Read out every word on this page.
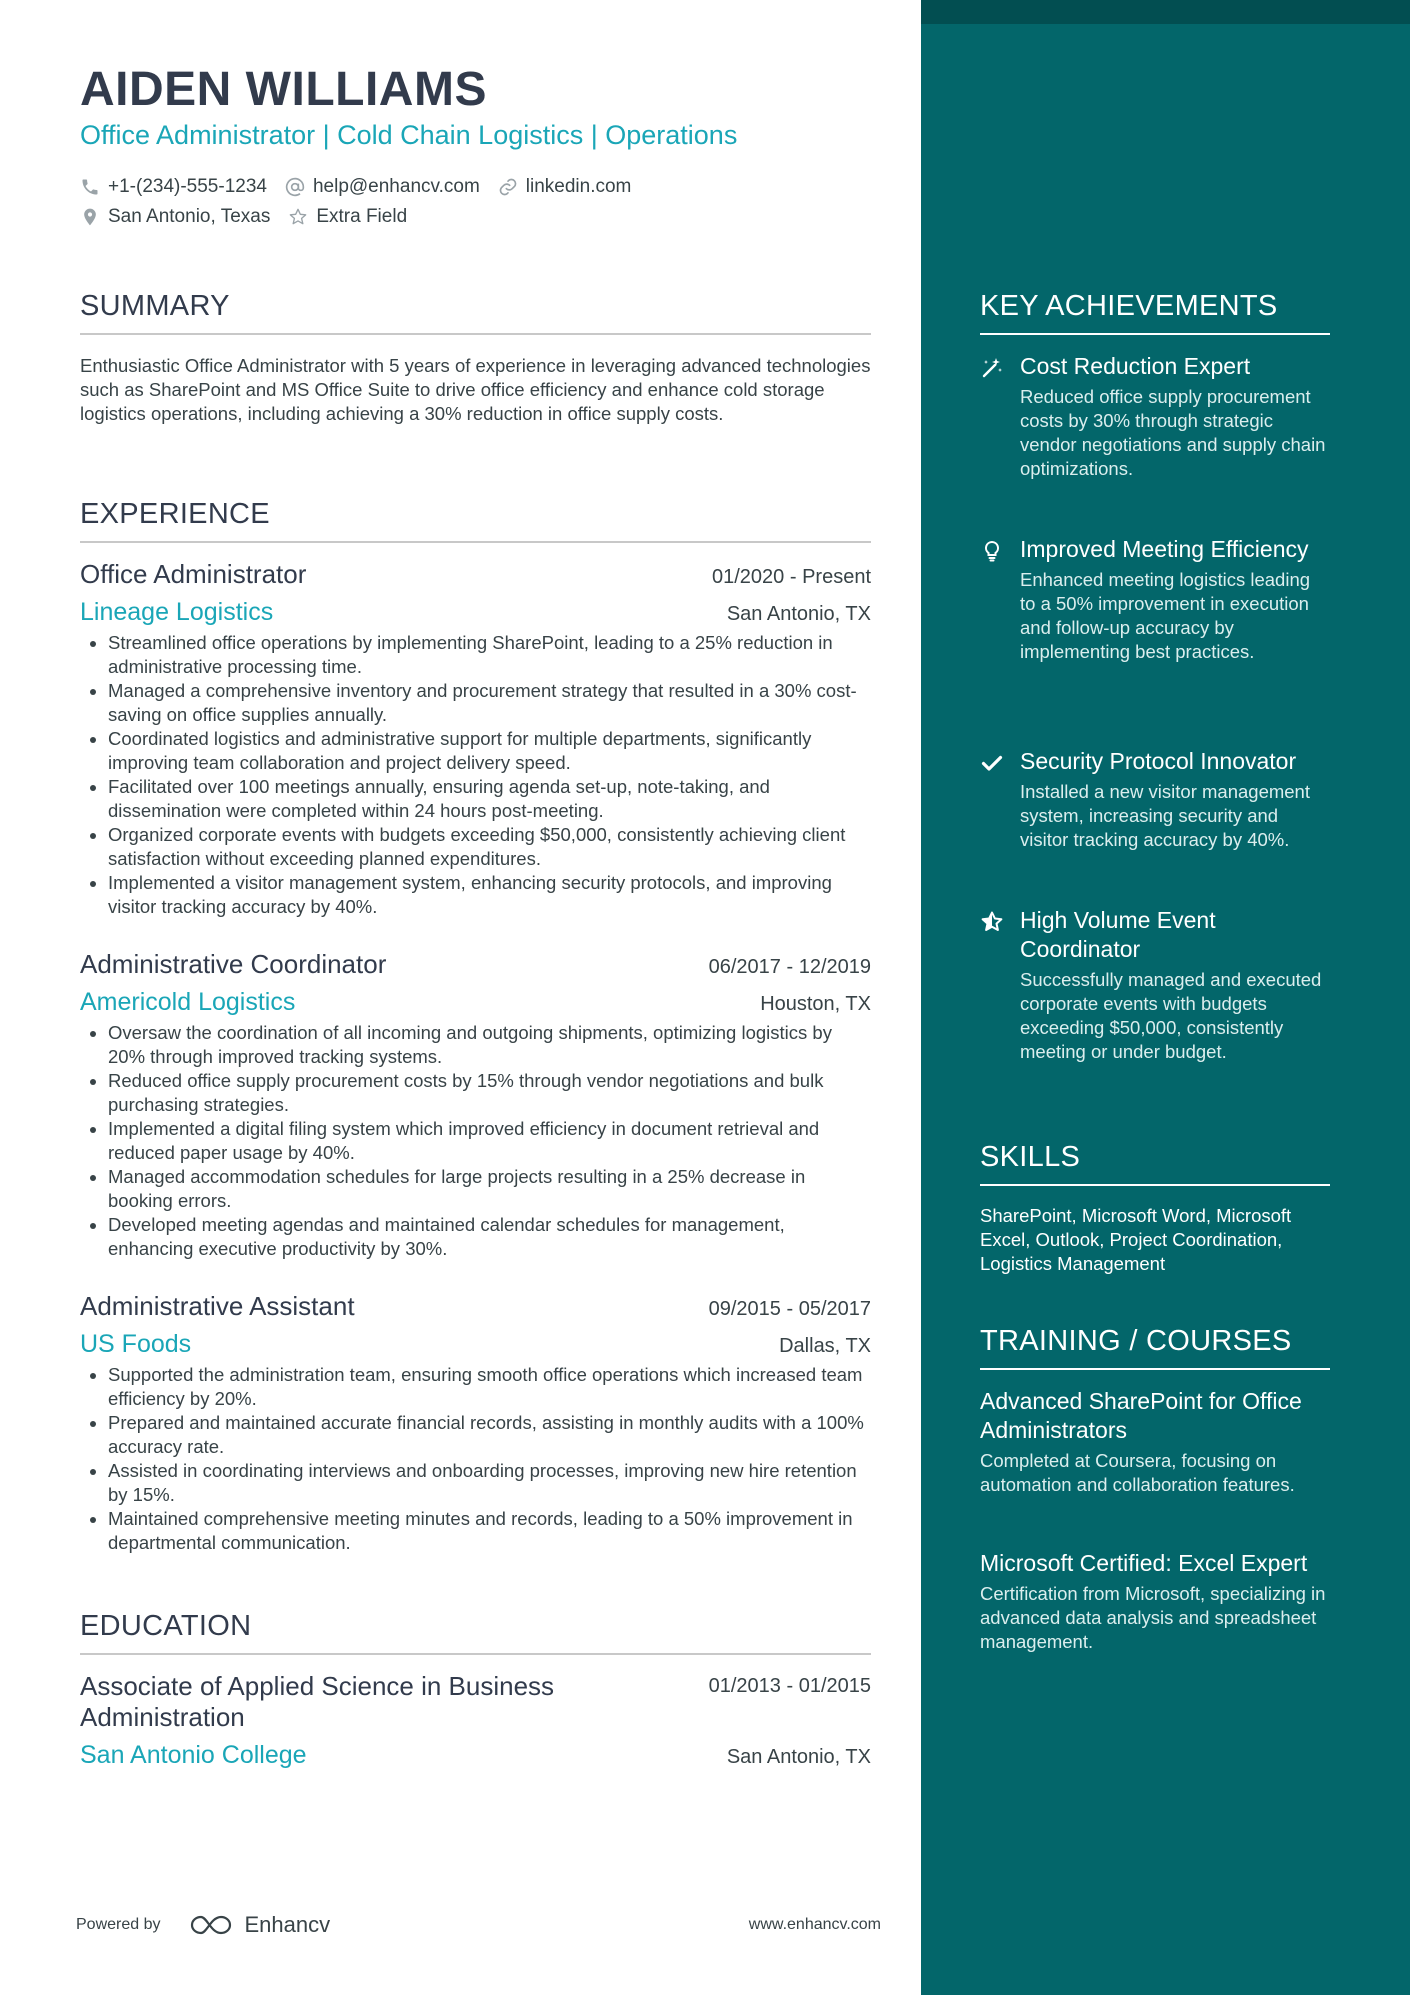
AIDEN WILLIAMS
Office Administrator | Cold Chain Logistics | Operations
+1-(234)-555-1234 help@enhancv.com linkedin.com
San Antonio, Texas Extra Field
SUMMARY
Enthusiastic Office Administrator with 5 years of experience in leveraging advanced technologies such as SharePoint and MS Office Suite to drive office efficiency and enhance cold storage logistics operations, including achieving a 30% reduction in office supply costs.
EXPERIENCE
Office Administrator	01/2020 - Present
Lineage Logistics	San Antonio, TX
• Streamlined office operations by implementing SharePoint, leading to a 25% reduction in administrative processing time.
• Managed a comprehensive inventory and procurement strategy that resulted in a 30% cost-saving on office supplies annually.
• Coordinated logistics and administrative support for multiple departments, significantly improving team collaboration and project delivery speed.
• Facilitated over 100 meetings annually, ensuring agenda set-up, note-taking, and dissemination were completed within 24 hours post-meeting.
• Organized corporate events with budgets exceeding $50,000, consistently achieving client satisfaction without exceeding planned expenditures.
• Implemented a visitor management system, enhancing security protocols, and improving visitor tracking accuracy by 40%.
Administrative Coordinator	06/2017 - 12/2019
Americold Logistics	Houston, TX
• Oversaw the coordination of all incoming and outgoing shipments, optimizing logistics by 20% through improved tracking systems.
• Reduced office supply procurement costs by 15% through vendor negotiations and bulk purchasing strategies.
• Implemented a digital filing system which improved efficiency in document retrieval and reduced paper usage by 40%.
• Managed accommodation schedules for large projects resulting in a 25% decrease in booking errors.
• Developed meeting agendas and maintained calendar schedules for management, enhancing executive productivity by 30%.
Administrative Assistant	09/2015 - 05/2017
US Foods	Dallas, TX
• Supported the administration team, ensuring smooth office operations which increased team efficiency by 20%.
• Prepared and maintained accurate financial records, assisting in monthly audits with a 100% accuracy rate.
• Assisted in coordinating interviews and onboarding processes, improving new hire retention by 15%.
• Maintained comprehensive meeting minutes and records, leading to a 50% improvement in departmental communication.
EDUCATION
Associate of Applied Science in Business Administration
01/2013 - 01/2015
San Antonio College	San Antonio, TX
Powered by	Enhancv	www.enhancv.com
KEY ACHIEVEMENTS
Cost Reduction Expert
Reduced office supply procurement costs by 30% through strategic vendor negotiations and supply chain optimizations.
Improved Meeting Efficiency
Enhanced meeting logistics leading to a 50% improvement in execution and follow-up accuracy by implementing best practices.
Security Protocol Innovator
Installed a new visitor management system, increasing security and visitor tracking accuracy by 40%.
High Volume Event Coordinator
Successfully managed and executed corporate events with budgets exceeding $50,000, consistently meeting or under budget.
SKILLS
SharePoint, Microsoft Word, Microsoft Excel, Outlook, Project Coordination, Logistics Management
TRAINING / COURSES
Advanced SharePoint for Office Administrators
Completed at Coursera, focusing on automation and collaboration features.
Microsoft Certified: Excel Expert
Certification from Microsoft, specializing in advanced data analysis and spreadsheet management.
